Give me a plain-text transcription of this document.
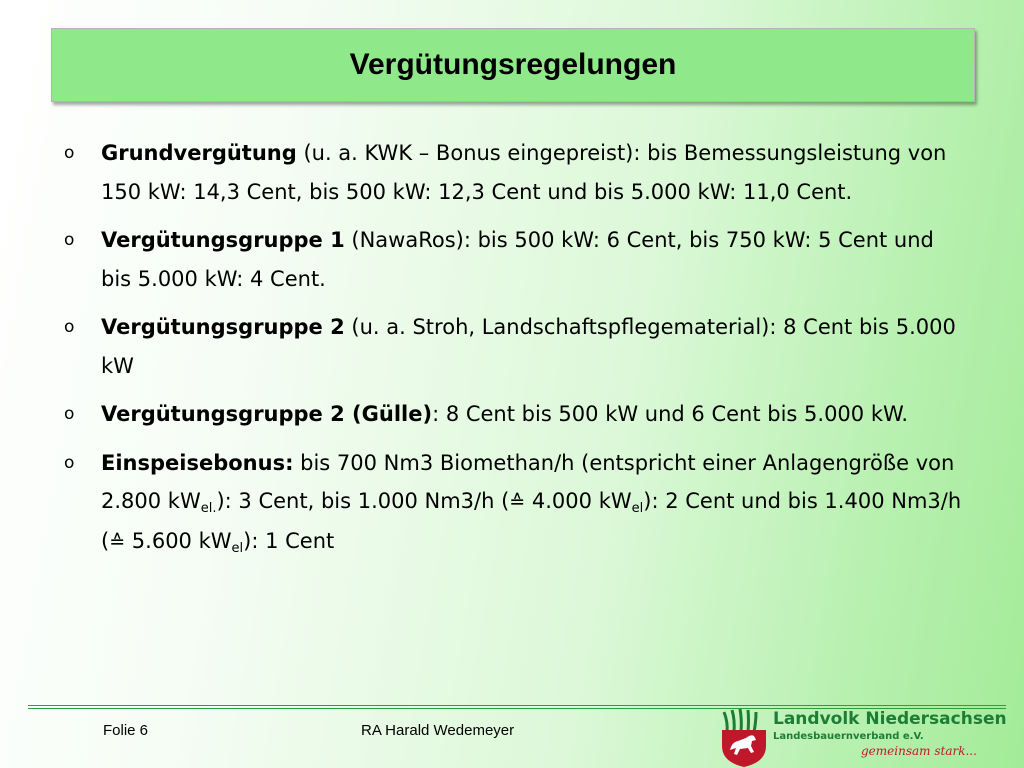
Vergütungsregelungen
o Grundvergütung (u. a. KWK – Bonus eingepreist): bis Bemessungsleistung von 150 kW: 14,3 Cent, bis 500 kW: 12,3 Cent und bis 5.000 kW: 11,0 Cent.
o Vergütungsgruppe 1 (NawaRos): bis 500 kW: 6 Cent, bis 750 kW: 5 Cent und bis 5.000 kW: 4 Cent.
o Vergütungsgruppe 2 (u. a. Stroh, Landschaftspflegematerial): 8 Cent bis 5.000 kW
o Vergütungsgruppe 2 (Gülle): 8 Cent bis 500 kW und 6 Cent bis 5.000 kW.
o Einspeisebonus: bis 700 Nm3 Biomethan/h (entspricht einer Anlagengröße von 2.800 $kW_{el.}$): 3 Cent, bis 1.000 Nm3/h (≙ 4.000 $kW_{el}$): 2 Cent und bis 1.400 Nm3/h (≙ 5.600 $kW_{el}$): 1 Cent
Folie 6	RA Harald Wedemeyer
Landvolk Niedersachsen
Landesbauernverband e.V.
gemeinsam stark...
